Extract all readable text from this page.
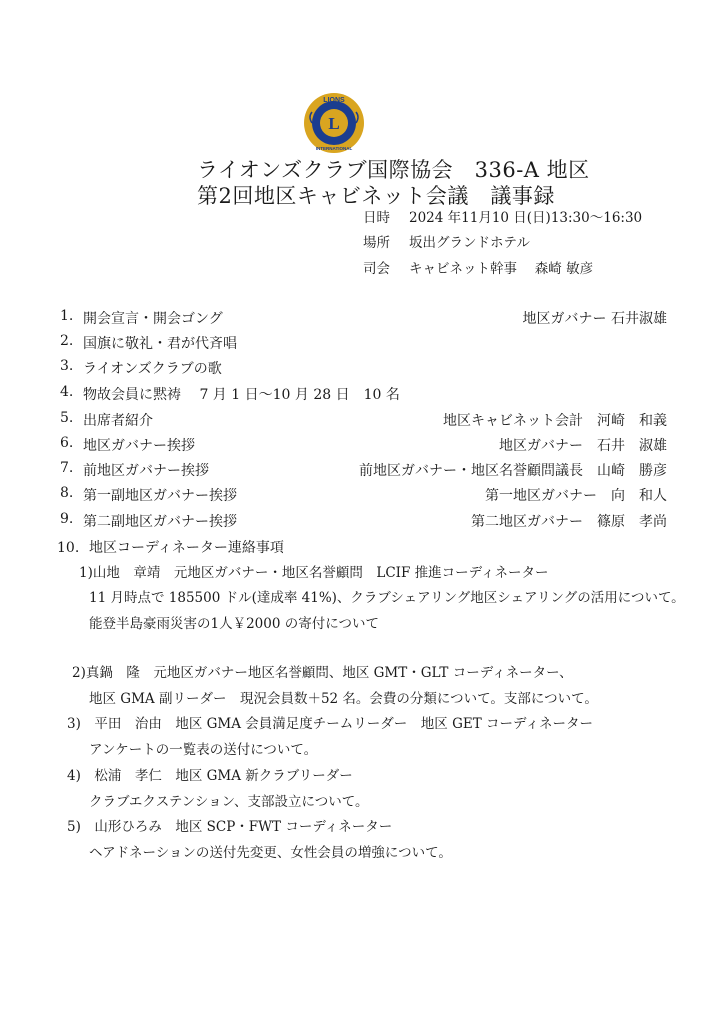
L
LIONS
INTERNATIONAL
ライオンズクラブ国際協会　336-A 地区
第2回地区キャビネット会議　議事録
日時 2024 年11月10 日(日)13:30～16:30
場所 坂出グランドホテル
司会 キャビネット幹事　 森崎 敏彦
1. 開会宣言・開会ゴング	地区ガバナー 石井淑雄
2. 国旗に敬礼・君が代斉唱
3. ライオンズクラブの歌
4. 物故会員に黙祷　 7 月 1 日～10 月 28 日　10 名
5. 出席者紹介	地区キャビネット会計　河崎　和義
6. 地区ガバナー挨拶	地区ガバナー　石井　淑雄
7. 前地区ガバナー挨拶	前地区ガバナー・地区名誉顧問議長　山崎　勝彦
8. 第一副地区ガバナー挨拶	第一地区ガバナー　向　和人
9. 第二副地区ガバナー挨拶	第二地区ガバナー　篠原　孝尚
10. 地区コーディネーター連絡事項
1)山地　章靖　元地区ガバナー・地区名誉顧問　LCIF 推進コーディネーター
11 月時点で 185500 ドル(達成率 41%)、クラブシェアリング地区シェアリングの活用について。
能登半島豪雨災害の1人￥2000 の寄付について
2)真鍋　隆　元地区ガバナー地区名誉顧問、地区 GMT・GLT コーディネーター、
地区 GMA 副リーダー　現況会員数＋52 名。会費の分類について。支部について。
3)　平田　治由　地区 GMA 会員満足度チームリーダー　地区 GET コーディネーター
アンケートの一覧表の送付について。
4)　松浦　孝仁　地区 GMA 新クラブリーダー
クラブエクステンション、支部設立について。
5)　山形ひろみ　地区 SCP・FWT コーディネーター
ヘアドネーションの送付先変更、女性会員の増強について。
